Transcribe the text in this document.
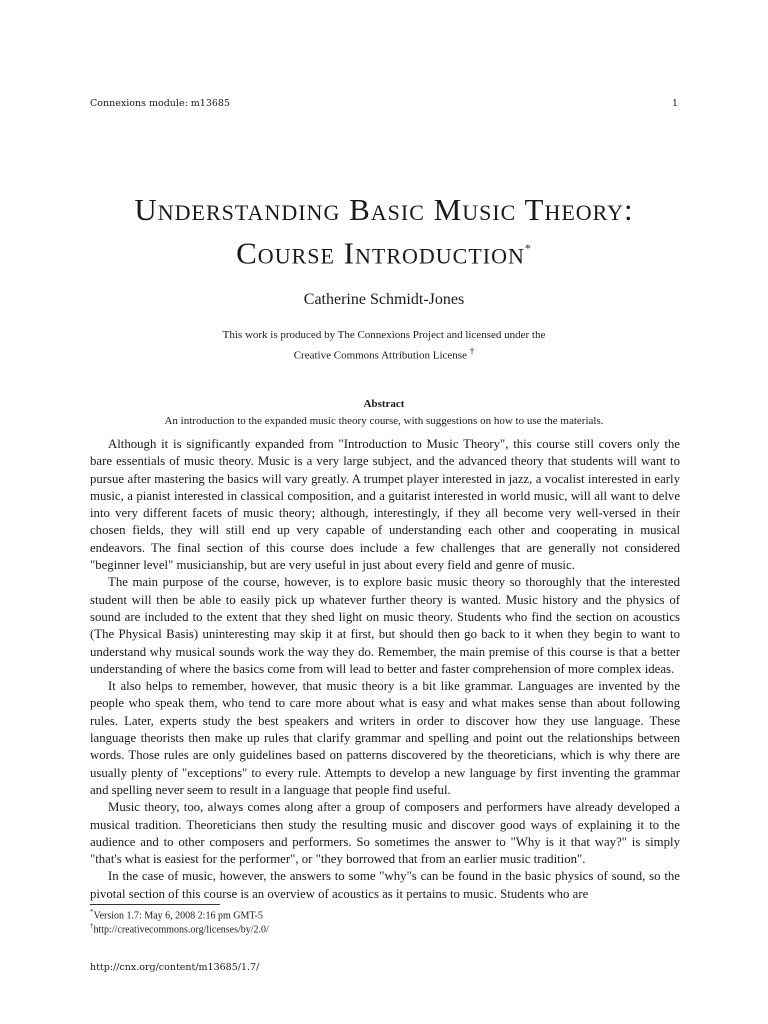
Connexions module: m13685	1
Understanding Basic Music Theory:
Course Introduction*
Catherine Schmidt-Jones
This work is produced by The Connexions Project and licensed under the
Creative Commons Attribution License †
Abstract
An introduction to the expanded music theory course, with suggestions on how to use the materials.

Although it is significantly expanded from "Introduction to Music Theory", this course still covers only the bare essentials of music theory. Music is a very large subject, and the advanced theory that students will want to pursue after mastering the basics will vary greatly. A trumpet player interested in jazz, a vocalist interested in early music, a pianist interested in classical composition, and a guitarist interested in world music, will all want to delve into very different facets of music theory; although, interestingly, if they all become very well-versed in their chosen fields, they will still end up very capable of understanding each other and cooperating in musical endeavors. The final section of this course does include a few challenges that are generally not considered "beginner level" musicianship, but are very useful in just about every field and genre of music.

The main purpose of the course, however, is to explore basic music theory so thoroughly that the interested student will then be able to easily pick up whatever further theory is wanted. Music history and the physics of sound are included to the extent that they shed light on music theory. Students who find the section on acoustics (The Physical Basis) uninteresting may skip it at first, but should then go back to it when they begin to want to understand why musical sounds work the way they do. Remember, the main premise of this course is that a better understanding of where the basics come from will lead to better and faster comprehension of more complex ideas.

It also helps to remember, however, that music theory is a bit like grammar. Languages are invented by the people who speak them, who tend to care more about what is easy and what makes sense than about following rules. Later, experts study the best speakers and writers in order to discover how they use language. These language theorists then make up rules that clarify grammar and spelling and point out the relationships between words. Those rules are only guidelines based on patterns discovered by the theoreticians, which is why there are usually plenty of "exceptions" to every rule. Attempts to develop a new language by first inventing the grammar and spelling never seem to result in a language that people find useful.

Music theory, too, always comes along after a group of composers and performers have already developed a musical tradition. Theoreticians then study the resulting music and discover good ways of explaining it to the audience and to other composers and performers. So sometimes the answer to "Why is it that way?" is simply "that's what is easiest for the performer", or "they borrowed that from an earlier music tradition".

In the case of music, however, the answers to some "why"s can be found in the basic physics of sound, so the pivotal section of this course is an overview of acoustics as it pertains to music. Students who are

*Version 1.7: May 6, 2008 2:16 pm GMT-5
†http://creativecommons.org/licenses/by/2.0/
http://cnx.org/content/m13685/1.7/
